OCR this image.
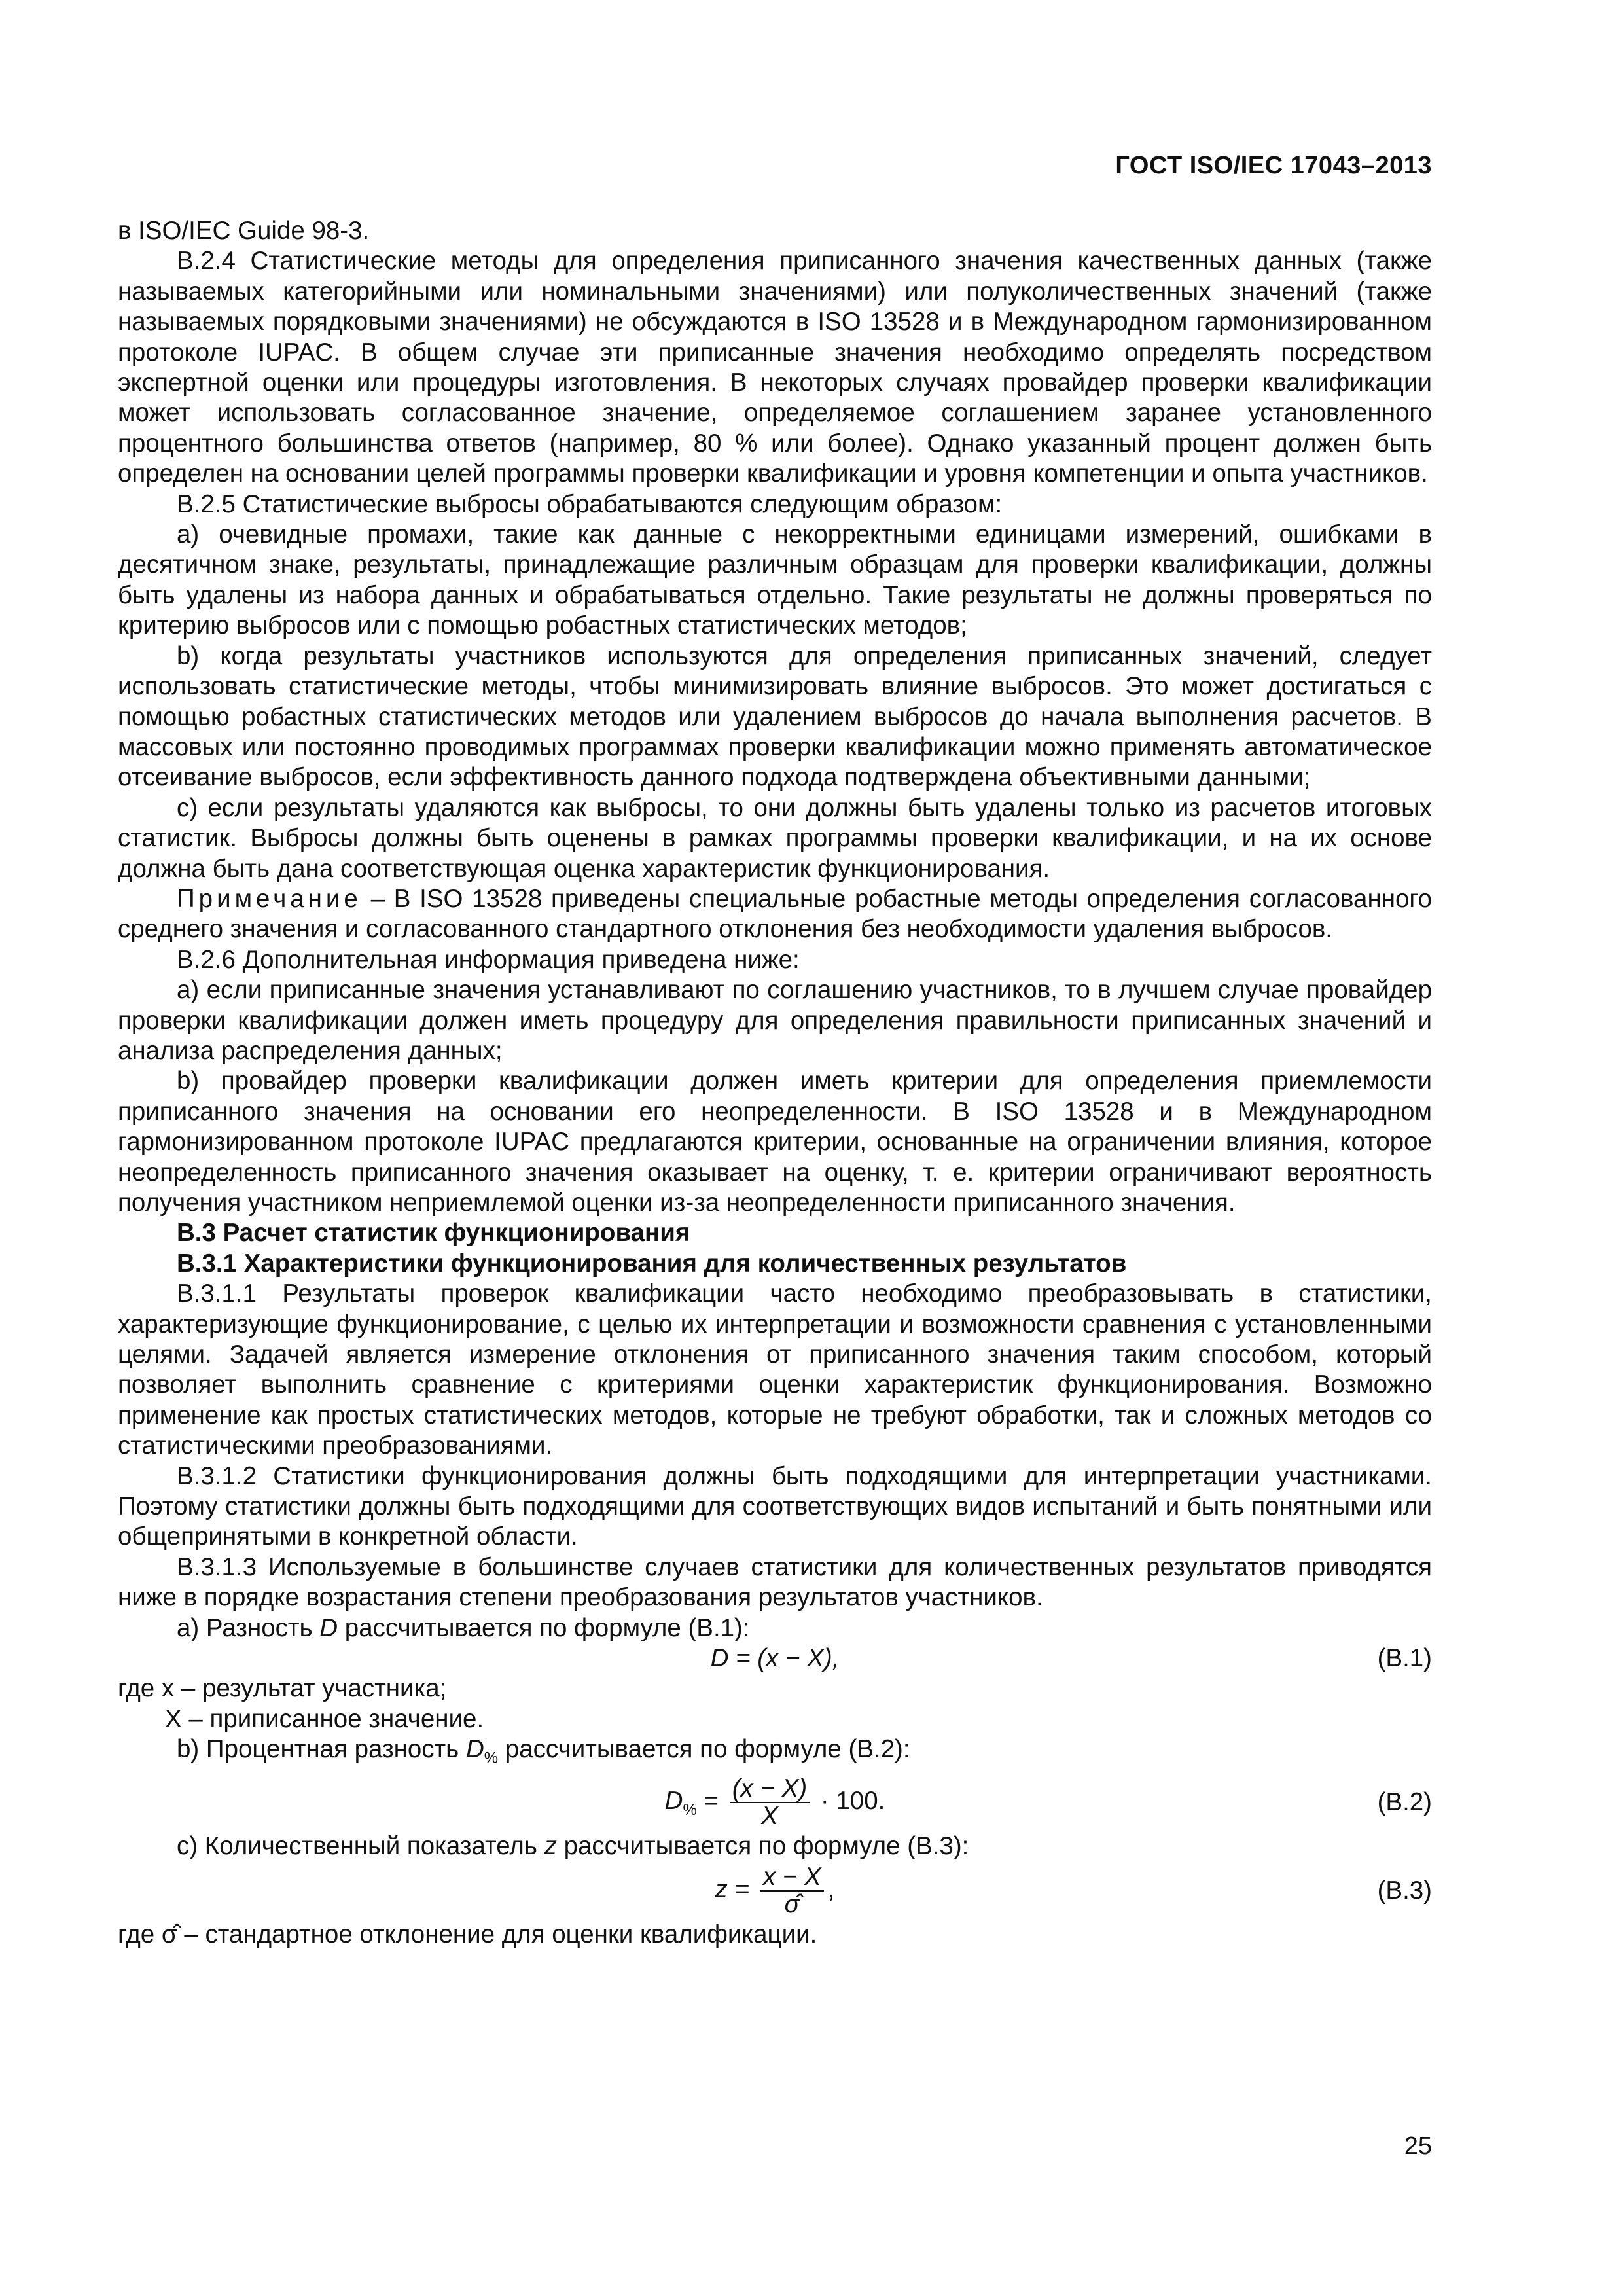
ГОСТ ISO/IEC 17043–2013

в ISO/IEC Guide 98-3.

В.2.4 Статистические методы для определения приписанного значения качественных данных (также называемых категорийными или номинальными значениями) или полуколичественных значений (также называемых порядковыми значениями) не обсуждаются в ISO 13528 и в Международном гармонизированном протоколе IUPAC. В общем случае эти приписанные значения необходимо определять посредством экспертной оценки или процедуры изготовления. В некоторых случаях провайдер проверки квалификации может использовать согласованное значение, определяемое соглашением заранее установленного процентного большинства ответов (например, 80 % или более). Однако указанный процент должен быть определен на основании целей программы проверки квалификации и уровня компетенции и опыта участников.

В.2.5 Статистические выбросы обрабатываются следующим образом:

а) очевидные промахи, такие как данные с некорректными единицами измерений, ошибками в десятичном знаке, результаты, принадлежащие различным образцам для проверки квалификации, должны быть удалены из набора данных и обрабатываться отдельно. Такие результаты не должны проверяться по критерию выбросов или с помощью робастных статистических методов;

b) когда результаты участников используются для определения приписанных значений, следует использовать статистические методы, чтобы минимизировать влияние выбросов. Это может достигаться с помощью робастных статистических методов или удалением выбросов до начала выполнения расчетов. В массовых или постоянно проводимых программах проверки квалификации можно применять автоматическое отсеивание выбросов, если эффективность данного подхода подтверждена объективными данными;

с) если результаты удаляются как выбросы, то они должны быть удалены только из расчетов итоговых статистик. Выбросы должны быть оценены в рамках программы проверки квалификации, и на их основе должна быть дана соответствующая оценка характеристик функционирования.

Примечание – В ISO 13528 приведены специальные робастные методы определения согласованного среднего значения и согласованного стандартного отклонения без необходимости удаления выбросов.

В.2.6 Дополнительная информация приведена ниже:

а) если приписанные значения устанавливают по соглашению участников, то в лучшем случае провайдер проверки квалификации должен иметь процедуру для определения правильности приписанных значений и анализа распределения данных;

b) провайдер проверки квалификации должен иметь критерии для определения приемлемости приписанного значения на основании его неопределенности. В ISO 13528 и в Международном гармонизированном протоколе IUPAC предлагаются критерии, основанные на ограничении влияния, которое неопределенность приписанного значения оказывает на оценку, т. е. критерии ограничивают вероятность получения участником неприемлемой оценки из-за неопределенности приписанного значения.

В.3 Расчет статистик функционирования

В.3.1 Характеристики функционирования для количественных результатов

В.3.1.1 Результаты проверок квалификации часто необходимо преобразовывать в статистики, характеризующие функционирование, с целью их интерпретации и возможности сравнения с установленными целями. Задачей является измерение отклонения от приписанного значения таким способом, который позволяет выполнить сравнение с критериями оценки характеристик функционирования. Возможно применение как простых статистических методов, которые не требуют обработки, так и сложных методов со статистическими преобразованиями.

В.3.1.2 Статистики функционирования должны быть подходящими для интерпретации участниками. Поэтому статистики должны быть подходящими для соответствующих видов испытаний и быть понятными или общепринятыми в конкретной области.

В.3.1.3 Используемые в большинстве случаев статистики для количественных результатов приводятся ниже в порядке возрастания степени преобразования результатов участников.

а) Разность D рассчитывается по формуле (В.1):

D = (x − X),	(В.1)

где x – результат участника;

X – приписанное значение.

b) Процентная разность $D_{\%}$ рассчитывается по формуле (В.2):

$D_{\%} = \frac{(x - X)}{X} \cdot 100$.	(В.2)

с) Количественный показатель z рассчитывается по формуле (В.3):

$z = \frac{x - X}{\sigmâ}$ ,	(В.3)

где σ̂ – стандартное отклонение для оценки квалификации.

25
